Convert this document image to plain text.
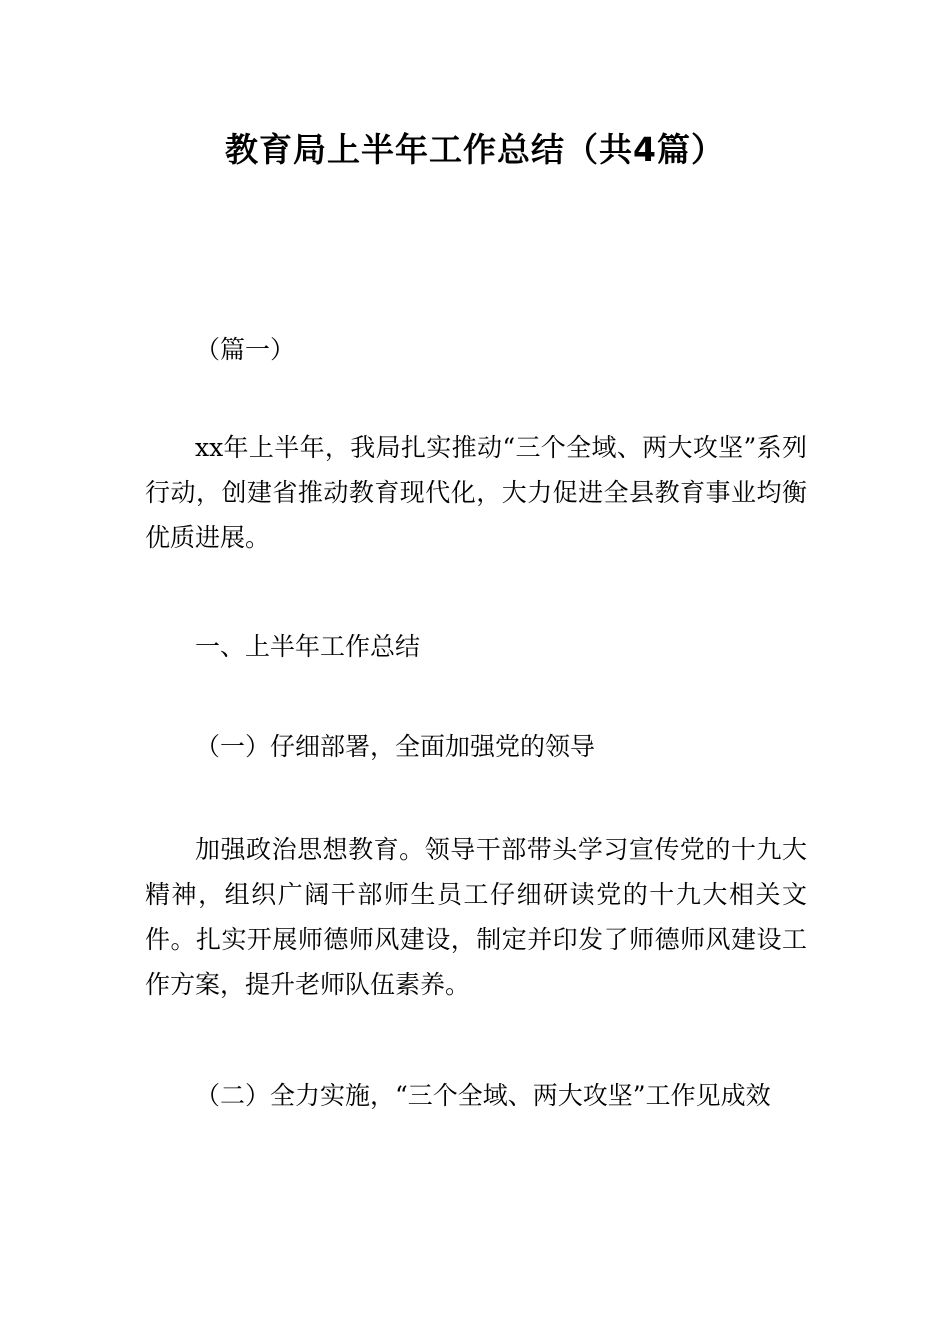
教育局上半年工作总结（共4篇）
（篇一）
xx年上半年，我局扎实推动“三个全域、两大攻坚”系列行动，创建省推动教育现代化，大力促进全县教育事业均衡优质进展。
一、上半年工作总结
（一）仔细部署，全面加强党的领导
加强政治思想教育。领导干部带头学习宣传党的十九大精神，组织广阔干部师生员工仔细研读党的十九大相关文件。扎实开展师德师风建设，制定并印发了师德师风建设工作方案，提升老师队伍素养。
（二）全力实施，“三个全域、两大攻坚”工作见成效
